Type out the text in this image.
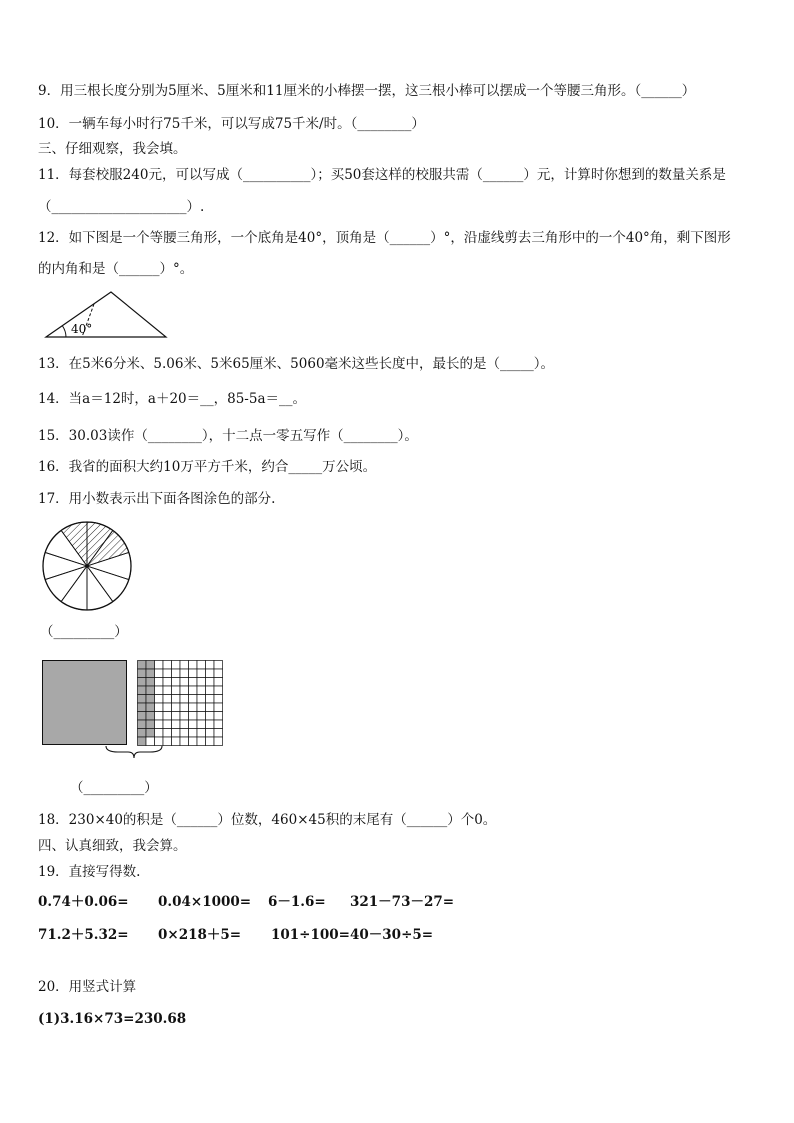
9．用三根长度分别为5厘米、5厘米和11厘米的小棒摆一摆，这三根小棒可以摆成一个等腰三角形。（______）
10．一辆车每小时行75千米，可以写成75千米/时。（________）
三、仔细观察，我会填。
11．每套校服240元，可以写成（__________）；买50套这样的校服共需（______）元，计算时你想到的数量关系是
（____________________）.
12．如下图是一个等腰三角形，一个底角是40°，顶角是（______）°，沿虚线剪去三角形中的一个40°角，剩下图形
的内角和是（______）°。
40°
13．在5米6分米、5.06米、5米65厘米、5060毫米这些长度中，最长的是（_____）。
14．当a＝12时，a＋20＝__，85-5a＝__。
15．30.03读作（________），十二点一零五写作（________）。
16．我省的面积大约10万平方千米，约合_____万公顷。
17．用小数表示出下面各图涂色的部分.
（_________）
（_________）
18．230×40的积是（______）位数，460×45积的末尾有（______）个0。
四、认真细致，我会算。
19．直接写得数.
0.74＋0.06= 0.04×1000= 6－1.6= 321－73－27=
71.2＋5.32= 0×218＋5= 101÷100= 40－30÷5=
20．用竖式计算
(1)3.16×73=230.68
